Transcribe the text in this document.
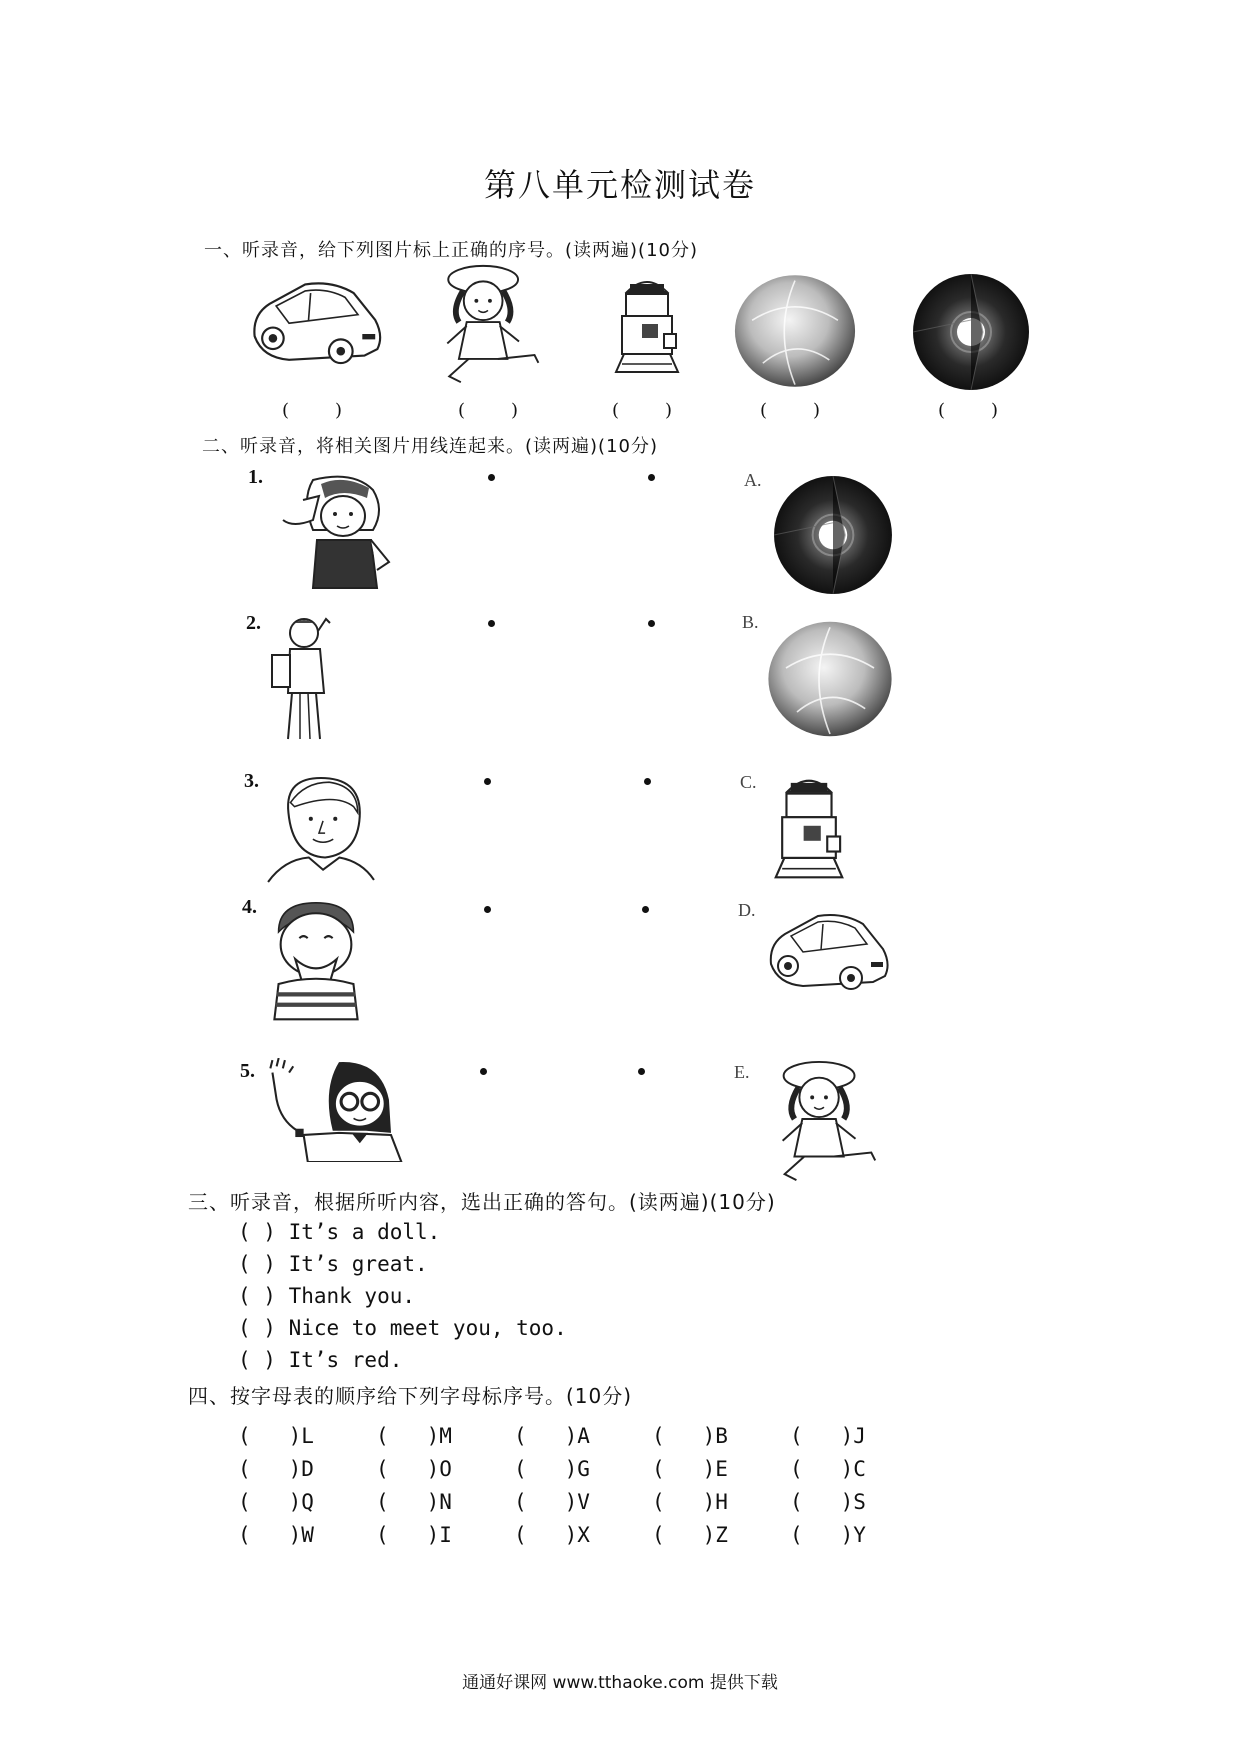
第八单元检测试卷
一、听录音，给下列图片标上正确的序号。(读两遍)(10分)
(　)	(　)	(　)	(　)	(　)
二、听录音，将相关图片用线连起来。(读两遍)(10分)
1.	A.
2.	B.
3.	C.
4.	D.
5.	E.
三、听录音，根据所听内容，选出正确的答句。(读两遍)(10分)
( ) It’s a doll.
( ) It’s great.
( ) Thank you.
( ) Nice to meet you, too.
( ) It’s red.
四、按字母表的顺序给下列字母标序号。(10分)
(   )L	(   )M	(   )A	(   )B	(   )J
(   )D	(   )O	(   )G	(   )E	(   )C
(   )Q	(   )N	(   )V	(   )H	(   )S
(   )W	(   )I	(   )X	(   )Z	(   )Y
通通好课网 www.tthaoke.com 提供下载
